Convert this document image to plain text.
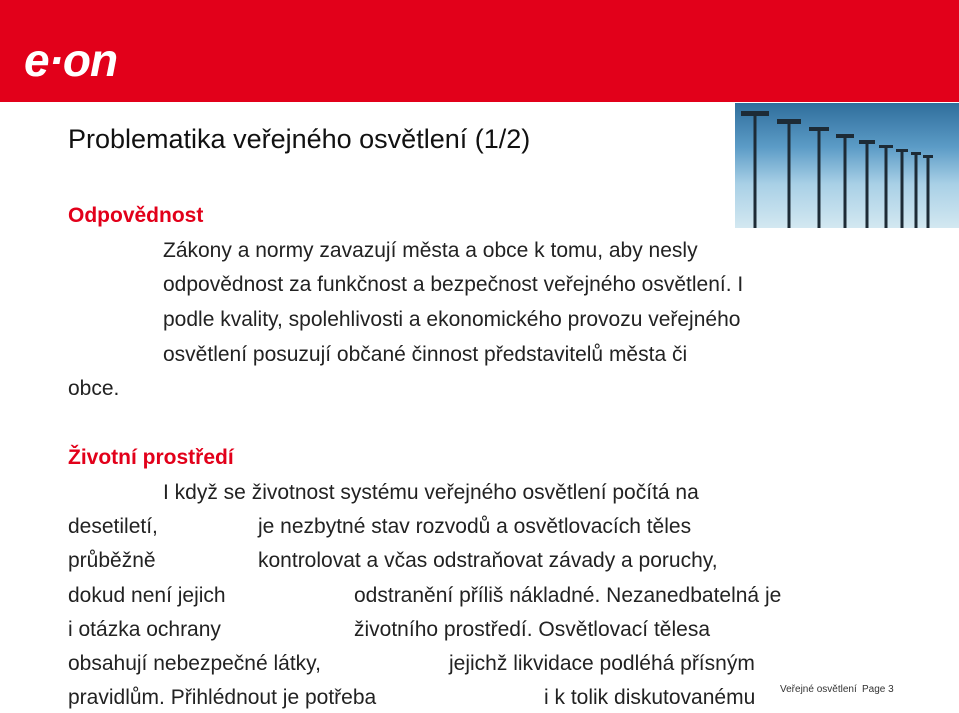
e·on
Problematika veřejného osvětlení (1/2)
Odpovědnost
Zákony a normy zavazují města a obce k tomu, aby nesly
odpovědnost za funkčnost a bezpečnost veřejného osvětlení. I
podle kvality, spolehlivosti a ekonomického provozu veřejného
osvětlení posuzují občané činnost představitelů města či
obce.
Životní prostředí
I když se životnost systému veřejného osvětlení počítá na
desetiletí,	je nezbytné stav rozvodů a osvětlovacích těles
průběžně	kontrolovat a včas odstraňovat závady a poruchy,
dokud není jejich	odstranění příliš nákladné. Nezanedbatelná je
i otázka ochrany	životního prostředí. Osvětlovací tělesa
obsahují nebezpečné látky,	jejichž likvidace podléhá přísným
pravidlům. Přihlédnout je potřeba	i k tolik diskutovanému Veřejné osvětlení Page 3
